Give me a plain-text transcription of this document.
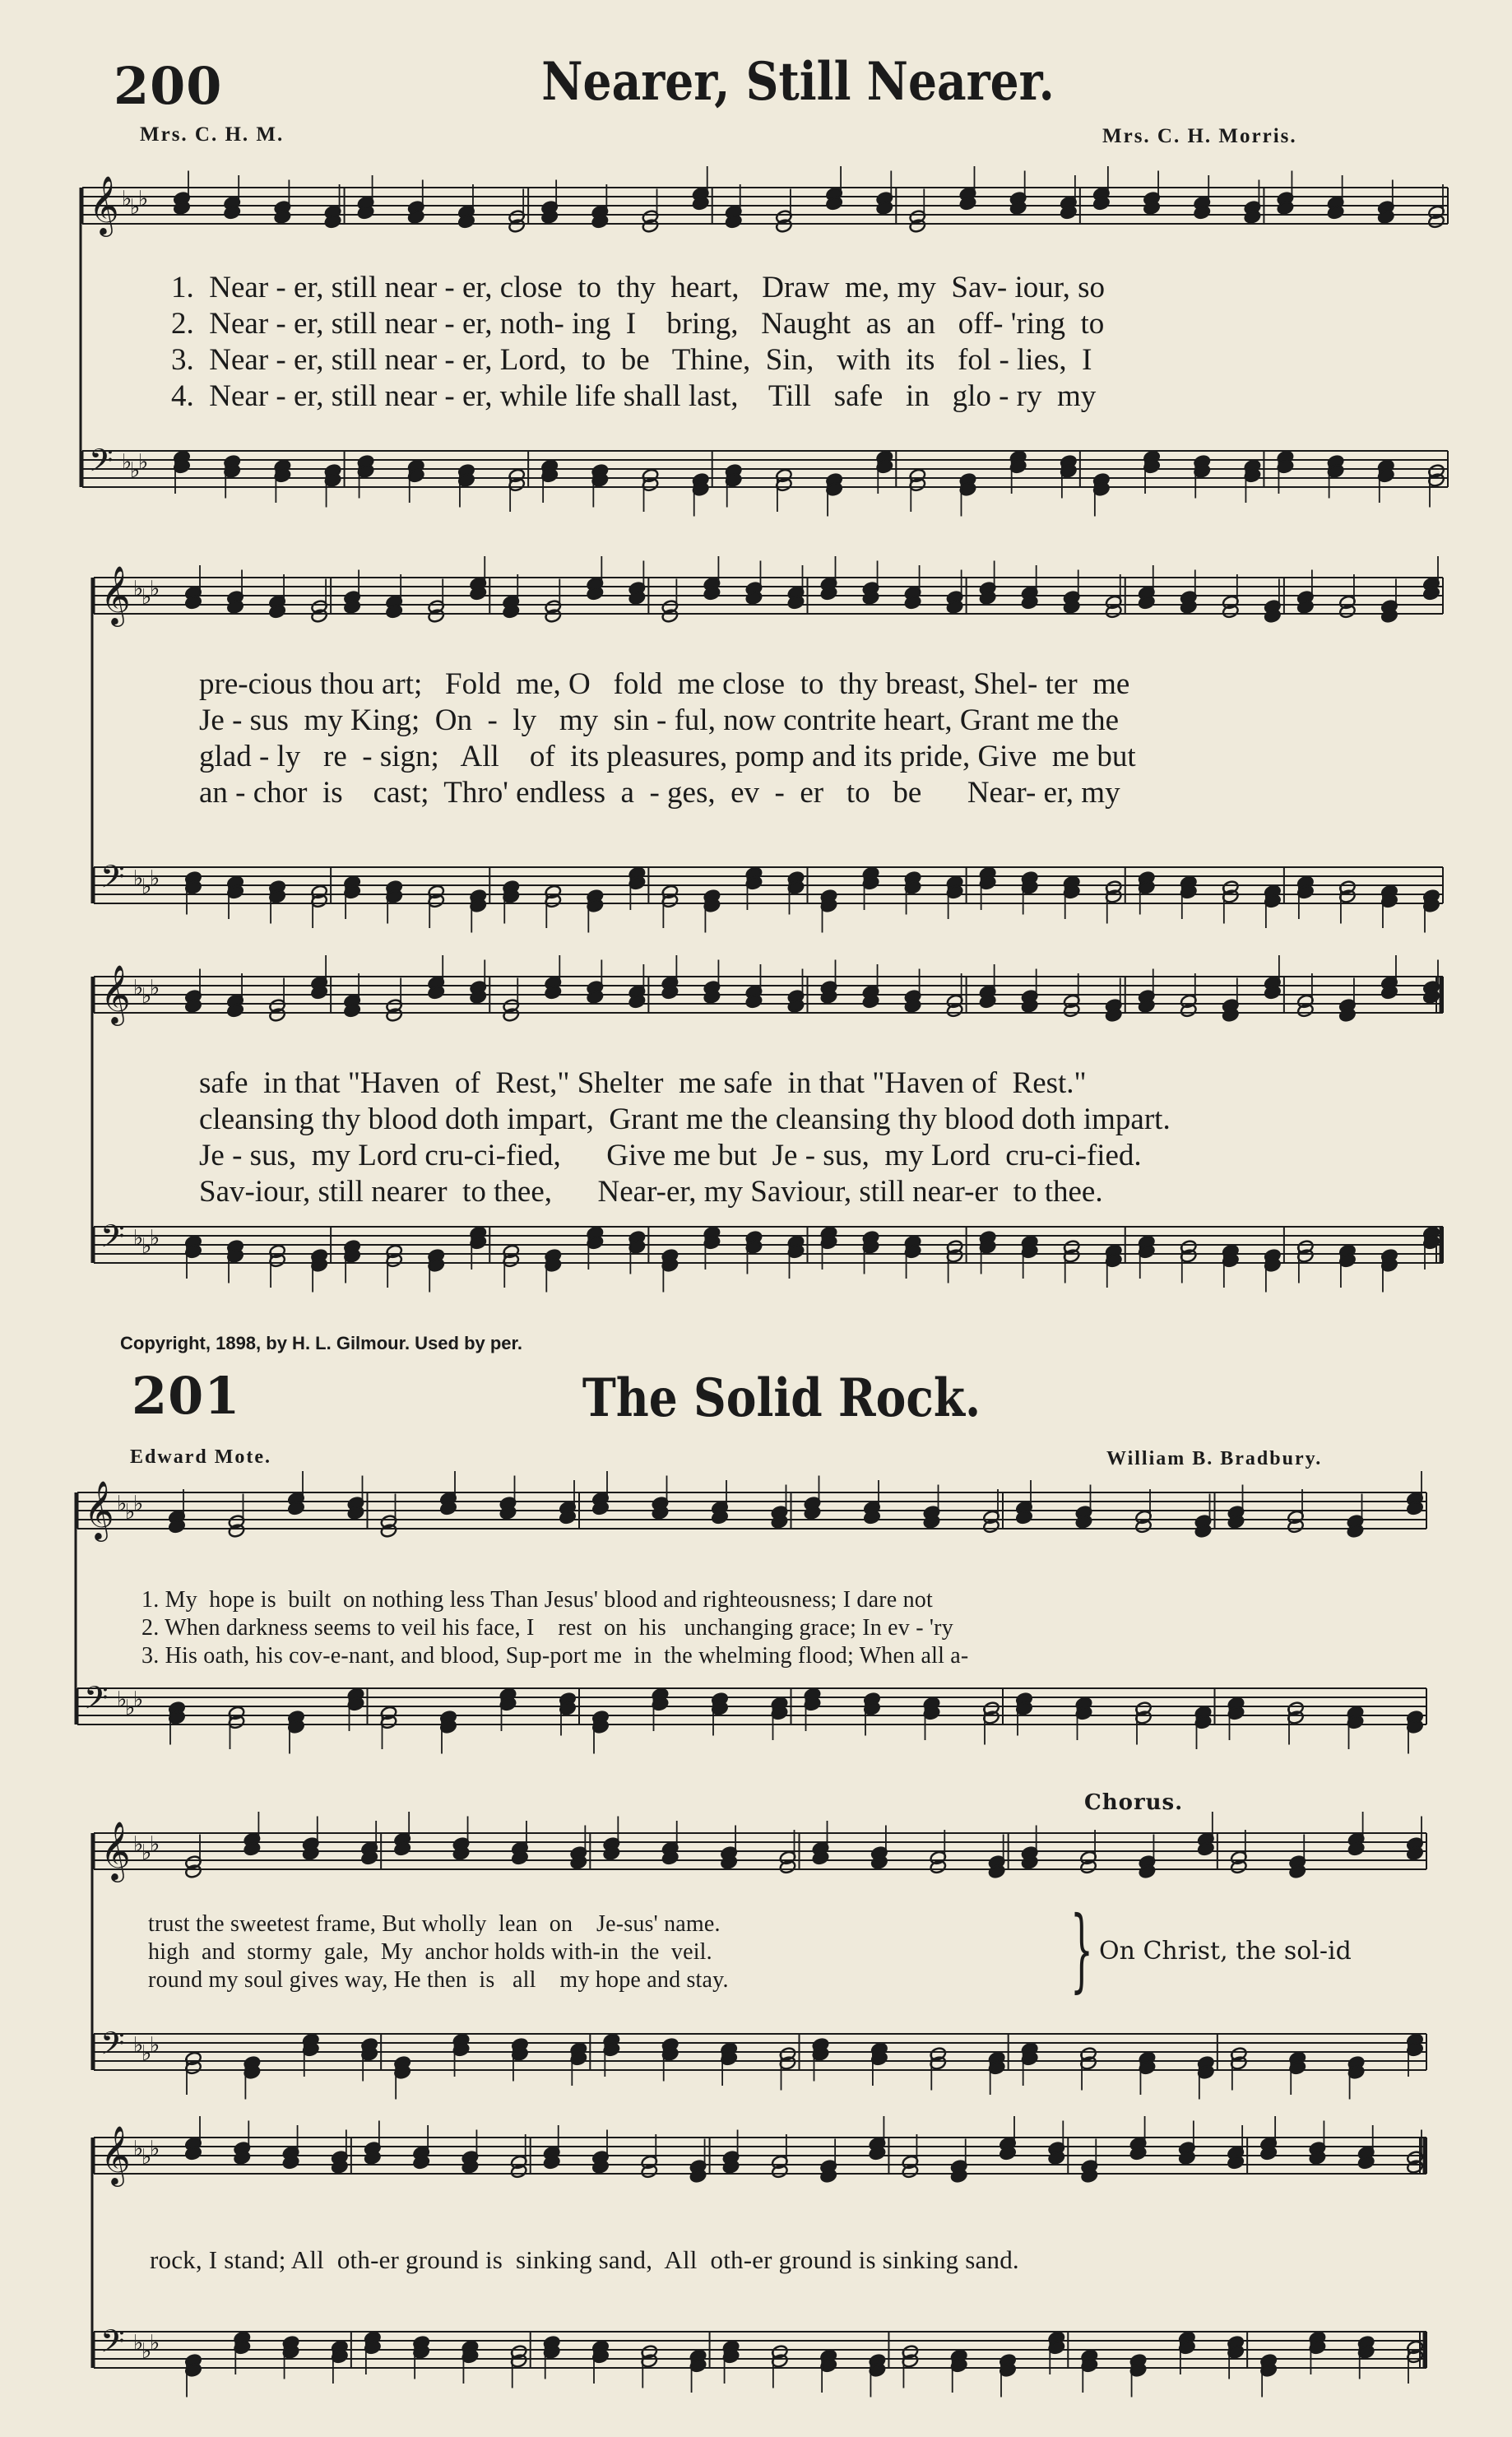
200	Nearer, Still Nearer.
Mrs. C. H. M.	Mrs. C. H. Morris.
𝄞 ♭
♭
♭
𝄢 ♭
♭
♭
1.  Near - er, still near - er, close  to  thy  heart,   Draw  me, my  Sav- iour, so
2.  Near - er, still near - er, noth- ing  I    bring,   Naught  as  an   off- 'ring  to
3.  Near - er, still near - er, Lord,  to  be   Thine,  Sin,   with  its   fol - lies,  I
4.  Near - er, still near - er, while life shall last,    Till   safe   in   glo - ry  my
𝄞 ♭
♭
♭
𝄢 ♭
♭
♭
pre-cious thou art;   Fold  me, O   fold  me close  to  thy breast, Shel- ter  me
Je - sus  my King;  On  -  ly   my  sin - ful, now contrite heart, Grant me the
glad - ly   re  - sign;   All    of  its pleasures, pomp and its pride, Give  me but
an - chor  is    cast;  Thro' endless  a  - ges,  ev  -  er   to   be      Near- er, my
𝄞 ♭
♭
♭
𝄢 ♭
♭
♭
safe  in that "Haven  of  Rest," Shelter  me safe  in that "Haven of  Rest."
cleansing thy blood doth impart,  Grant me the cleansing thy blood doth impart.
Je - sus,  my Lord cru-ci-fied,      Give me but  Je - sus,  my Lord  cru-ci-fied.
Sav-iour, still nearer  to thee,      Near-er, my Saviour, still near-er  to thee.
Copyright, 1898, by H. L. Gilmour. Used by per.
201	The Solid Rock.
Edward Mote.	William B. Bradbury.
𝄞 ♭
♭
♭
𝄢 ♭
♭
♭
1. My  hope is  built  on nothing less Than Jesus' blood and righteousness; I dare not
2. When darkness seems to veil his face, I    rest  on  his   unchanging grace; In ev - 'ry
3. His oath, his cov-e-nant, and blood, Sup-port me  in  the whelming flood; When all a-
Chorus.
𝄞 ♭
♭
♭
𝄢 ♭
♭
♭
trust the sweetest frame, But wholly  lean  on    Je-sus' name.
high  and  stormy  gale,  My  anchor holds with-in  the  veil.
round my soul gives way, He then  is   all    my hope and stay.	} On Christ, the sol-id
𝄞 ♭
♭
♭
𝄢 ♭
♭
♭
rock, I stand; All  oth-er ground is  sinking sand,  All  oth-er ground is sinking sand.
